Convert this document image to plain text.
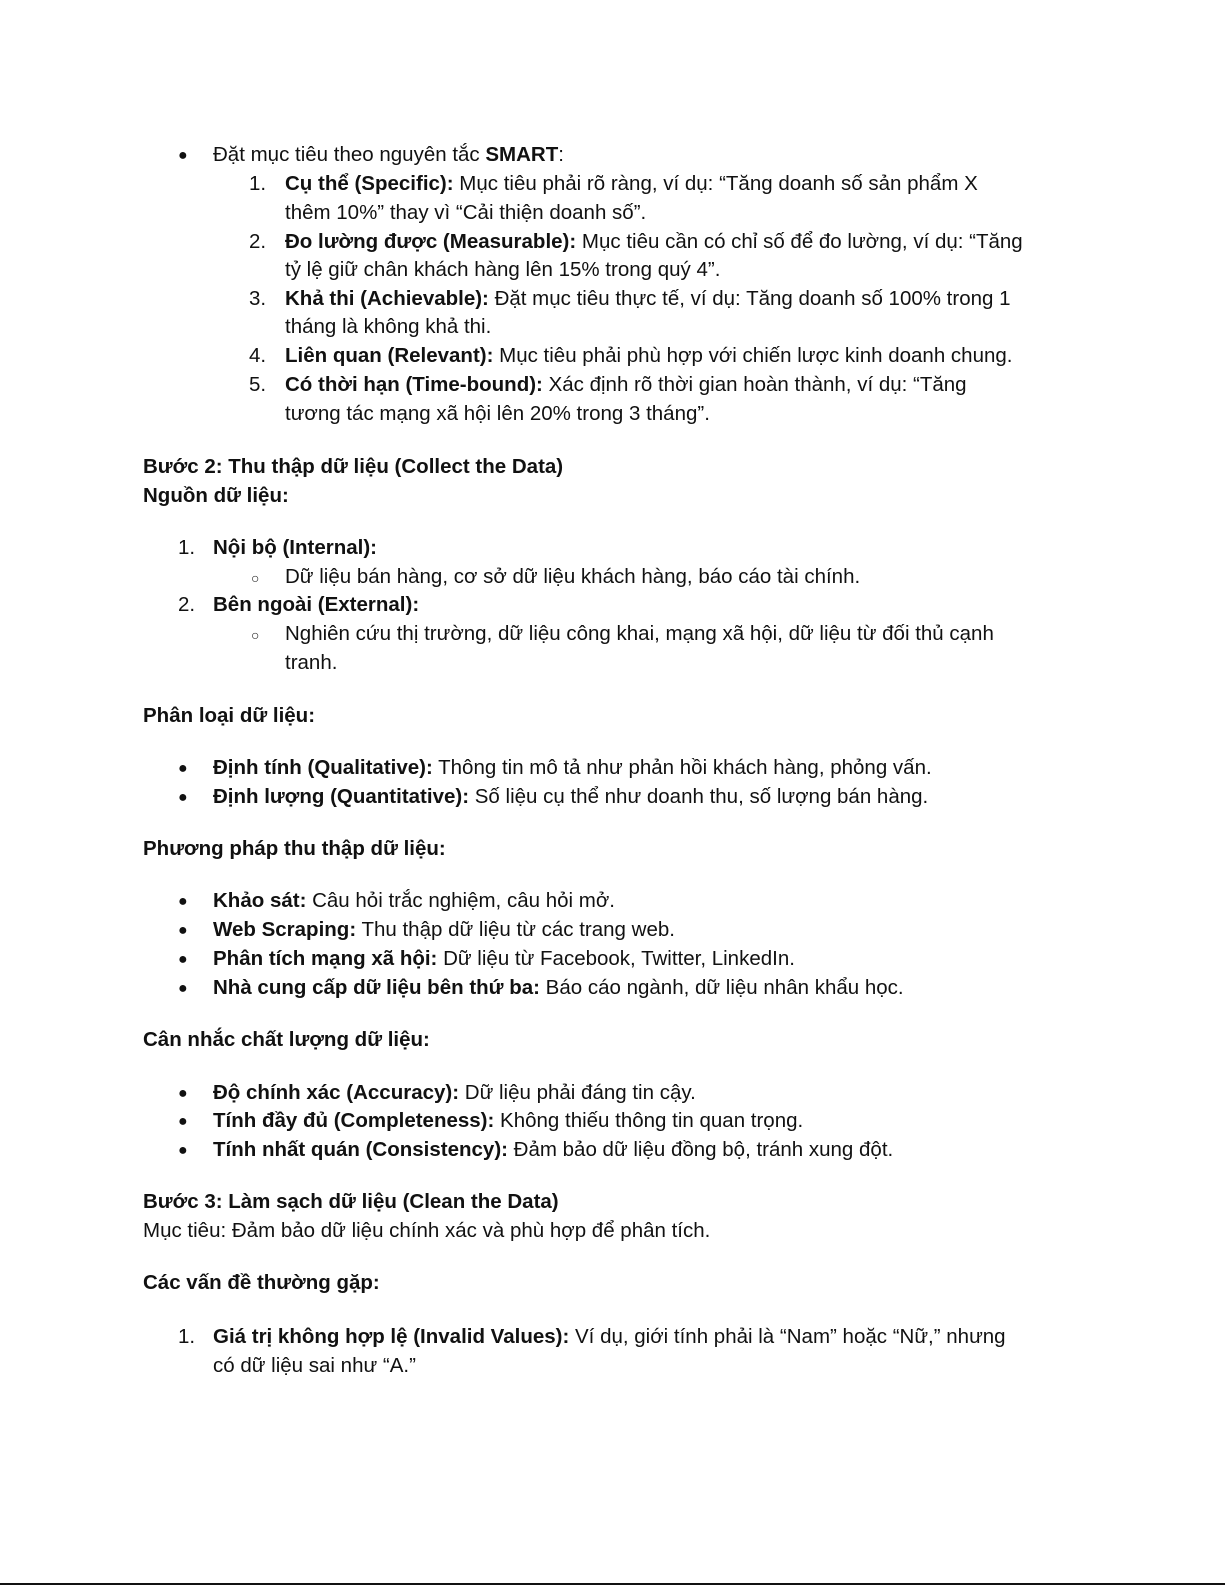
● Đặt mục tiêu theo nguyên tắc SMART:
1. Cụ thể (Specific): Mục tiêu phải rõ ràng, ví dụ: “Tăng doanh số sản phẩm X
thêm 10%” thay vì “Cải thiện doanh số”.
2. Đo lường được (Measurable): Mục tiêu cần có chỉ số để đo lường, ví dụ: “Tăng
tỷ lệ giữ chân khách hàng lên 15% trong quý 4”.
3. Khả thi (Achievable): Đặt mục tiêu thực tế, ví dụ: Tăng doanh số 100% trong 1
tháng là không khả thi.
4. Liên quan (Relevant): Mục tiêu phải phù hợp với chiến lược kinh doanh chung.
5. Có thời hạn (Time-bound): Xác định rõ thời gian hoàn thành, ví dụ: “Tăng
tương tác mạng xã hội lên 20% trong 3 tháng”.
Bước 2: Thu thập dữ liệu (Collect the Data)
Nguồn dữ liệu:
1. Nội bộ (Internal):
○ Dữ liệu bán hàng, cơ sở dữ liệu khách hàng, báo cáo tài chính.
2. Bên ngoài (External):
○ Nghiên cứu thị trường, dữ liệu công khai, mạng xã hội, dữ liệu từ đối thủ cạnh
tranh.
Phân loại dữ liệu:
● Định tính (Qualitative): Thông tin mô tả như phản hồi khách hàng, phỏng vấn.
● Định lượng (Quantitative): Số liệu cụ thể như doanh thu, số lượng bán hàng.
Phương pháp thu thập dữ liệu:
● Khảo sát: Câu hỏi trắc nghiệm, câu hỏi mở.
● Web Scraping: Thu thập dữ liệu từ các trang web.
● Phân tích mạng xã hội: Dữ liệu từ Facebook, Twitter, LinkedIn.
● Nhà cung cấp dữ liệu bên thứ ba: Báo cáo ngành, dữ liệu nhân khẩu học.
Cân nhắc chất lượng dữ liệu:
● Độ chính xác (Accuracy): Dữ liệu phải đáng tin cậy.
● Tính đầy đủ (Completeness): Không thiếu thông tin quan trọng.
● Tính nhất quán (Consistency): Đảm bảo dữ liệu đồng bộ, tránh xung đột.
Bước 3: Làm sạch dữ liệu (Clean the Data)
Mục tiêu: Đảm bảo dữ liệu chính xác và phù hợp để phân tích.
Các vấn đề thường gặp:
1. Giá trị không hợp lệ (Invalid Values): Ví dụ, giới tính phải là “Nam” hoặc “Nữ,” nhưng
có dữ liệu sai như “A.”
